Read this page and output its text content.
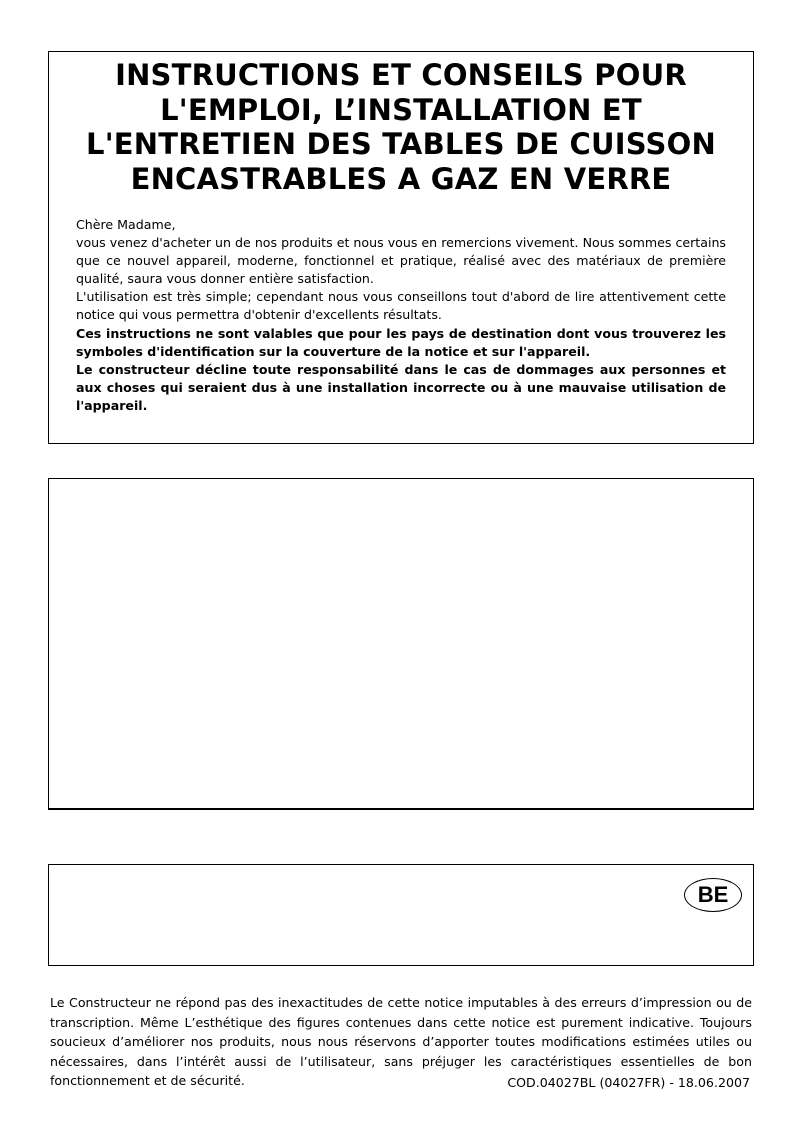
INSTRUCTIONS ET CONSEILS POUR
L'EMPLOI, L’INSTALLATION ET
L'ENTRETIEN DES TABLES DE CUISSON
ENCASTRABLES A GAZ EN VERRE

Chère Madame,

vous venez d'acheter un de nos produits et nous vous en remercions vivement. Nous sommes certains que ce nouvel appareil, moderne, fonctionnel et pratique, réalisé avec des matériaux de première qualité, saura vous donner entière satisfaction.

L'utilisation est très simple; cependant nous vous conseillons tout d'abord de lire attentivement cette notice qui vous permettra d'obtenir d'excellents résultats.

Ces instructions ne sont valables que pour les pays de destination dont vous trouverez les symboles d'identification sur la couverture de la notice et sur l'appareil.

Le constructeur décline toute responsabilité dans le cas de dommages aux personnes et aux choses qui seraient dus à une installation incorrecte ou à une mauvaise utilisation de l'appareil.

BE

Le Constructeur ne répond pas des inexactitudes de cette notice imputables à des erreurs d’impression ou de transcription. Même L’esthétique des figures contenues dans cette notice est purement indicative. Toujours soucieux d’améliorer nos produits, nous nous réservons d’apporter toutes modifications estimées utiles ou nécessaires, dans l’intérêt aussi de l’utilisateur, sans préjuger les caractéristiques essentielles de bon fonctionnement et de sécurité.	COD.04027BL (04027FR) - 18.06.2007
